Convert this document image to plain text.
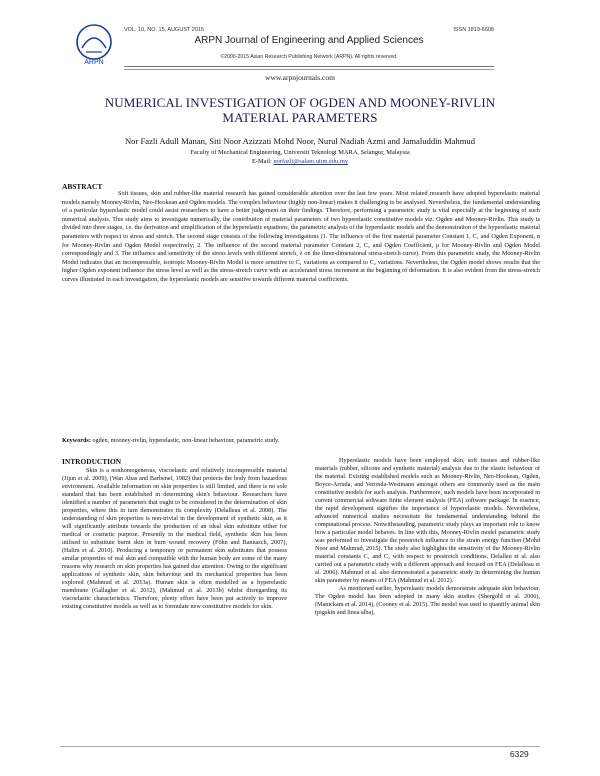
ARPN
VOL. 10, NO. 15, AUGUST 2015	ISSN 1819-6608
ARPN Journal of Engineering and Applied Sciences
©2006-2015 Asian Research Publishing Network (ARPN). All rights reserved.
www.arpnjournals.com
NUMERICAL INVESTIGATION OF OGDEN AND MOONEY-RIVLIN
MATERIAL PARAMETERS
Nor Fazli Adull Manan, Siti Noor Azizzati Mohd Noor, Nurul Nadiah Azmi and Jamaluddin Mahmud
Faculty of Mechanical Engineering, Universiti Teknologi MARA, Selangor, Malaysia
E-Mail: norfazli@salam.uitm.edu.my
ABSTRACT

Soft tissues, skin and rubber-like material research has gained considerable attention over the last few years. Most related research have adopted hyperelastic material models namely Mooney-Rivlin, Neo-Hookean and Ogden models. The complex behaviour (highly non-linear) makes it challenging to be analysed. Nevertheless, the fundamental understanding of a particular hyperelastic model could assist researchers to have a better judgement on their findings. Therefore, performing a parametric study is vital especially at the beginning of such numerical analysis. This study aims to investigate numerically, the contribution of material parameters of two hyperelastic constitutive models viz. Ogden and Mooney-Rivlin. This study is divided into three stages, i.e. the derivation and simplification of the hyperelastic equations, the parametric analysis of the hyperelastic models and the demonstration of the hyperelastic material parameters with respect to stress and stretch. The second stage consists of the following investigations (1. The influence of the first material parameter Constant 1, C₁ and Ogden Exponent, α for Mooney-Rivlin and Ogden Model respectively; 2. The influence of the second material parameter Constant 2, C₂ and Ogden Coefficient, μ for Mooney-Rivlin and Ogden Model correspondingly and 3. The influence and sensitivity of the stress levels with different stretch, λ on the three-dimensional stress-stretch curve). From this parametric study, the Mooney-Rivlin Model indicates that an incompressible, isotropic Mooney-Rivlin Model is more sensitive to C₁ variations as compared to C₂ variations. Nevertheless, the Ogden model shows results that the higher Ogden exponent influence the stress level as well as the stress-stretch curve with an accelerated stress increment at the beginning of deformation. It is also evident from the stress-stretch curves illustrated in each investigation, the hyperelastic models are sensitive towards different material coefficients.

Keywords: ogden, mooney-rivlin, hyperelastic, non-linear behaviour, parametric study.
INTRODUCTION

Skin is a nonhomogeneous, viscoelastic and relatively incompressible material (Jijun et al. 2009), (Wan Abas and Barbenel, 1982) that protects the body from hazardous environment. Available information on skin properties is still limited, and there is no sole standard that has been established in determining skin's behaviour. Researchers have identified a number of parameters that ought to be considered in the determination of skin properties, where this in turn demonstrates its complexity (Delalleau et al. 2008). The understanding of skin properties is non-trivial in the development of synthetic skin, as it will significantly attribute towards the production of an ideal skin substitute either for medical or cosmetic purpose. Presently in the medical field, synthetic skin has been utilised to substitute burnt skin in burn wound recovery (Föhn and Bannasch, 2007), (Halim et al. 2010). Producing a temporary or permanent skin substitutes that possess similar properties of real skin and compatible with the human body are some of the many reasons why research on skin properties has gained due attention. Owing to the significant applications of synthetic skin, skin behaviour and its mechanical properties has been explored (Mahmud et al. 2013a). Human skin is often modelled as a hyperelastic membrane (Gallagher et al. 2012), (Mahmud et al. 2013b) whilst disregarding its viscoelastic characteristics. Therefore, plenty effort have been put actively to improve existing constitutive models as well as to formulate new constitutive models for skin.

Hyperelastic models have been employed skin, soft tissues and rubber-like materials (rubber, silicone and synthetic material) analysis due to the elastic behaviour of the material. Existing established models such as Mooney-Rivlin, Neo-Hookean, Ogden, Boyce-Arruda, and Veronda-Westmann amongst others are commonly used as the main constitutive models for such analysis. Furthermore, such models have been incorporated in current commercial software finite element analysis (FEA) software package. In essence, the rapid development signifies the importance of hyperelastic models. Nevertheless, advanced numerical studies necessitate the fundamental understanding behind the computational process. Notwithstanding, parametric study plays an important role to know how a particular model behaves. In line with this, Mooney-Rivlin model parametric study was performed to investigate the prestretch influence to the strain energy function (Mohd Noor and Mahmud, 2015). The study also highlights the sensitivity of the Mooney-Rivlin material constants C₁ and C₂ with respect to prestretch conditions. Delalleu et al. also carried out a parametric study with a different approach and focused on FEA (Delalleau et al. 2006). Mahmud et al. also demonstrated a parametric study in determining the human skin parameter by means of FEA (Mahmud et al. 2012).

As mentioned earlier, hyperelastic models demonstrate adequate skin behaviour. The Ogden model has been adopted in many skin studies (Shergold et al. 2006), (Manickam et al. 2014), (Cooney et al. 2015). The model was used to quantify animal skin (pigskin and linea alba),

6329
